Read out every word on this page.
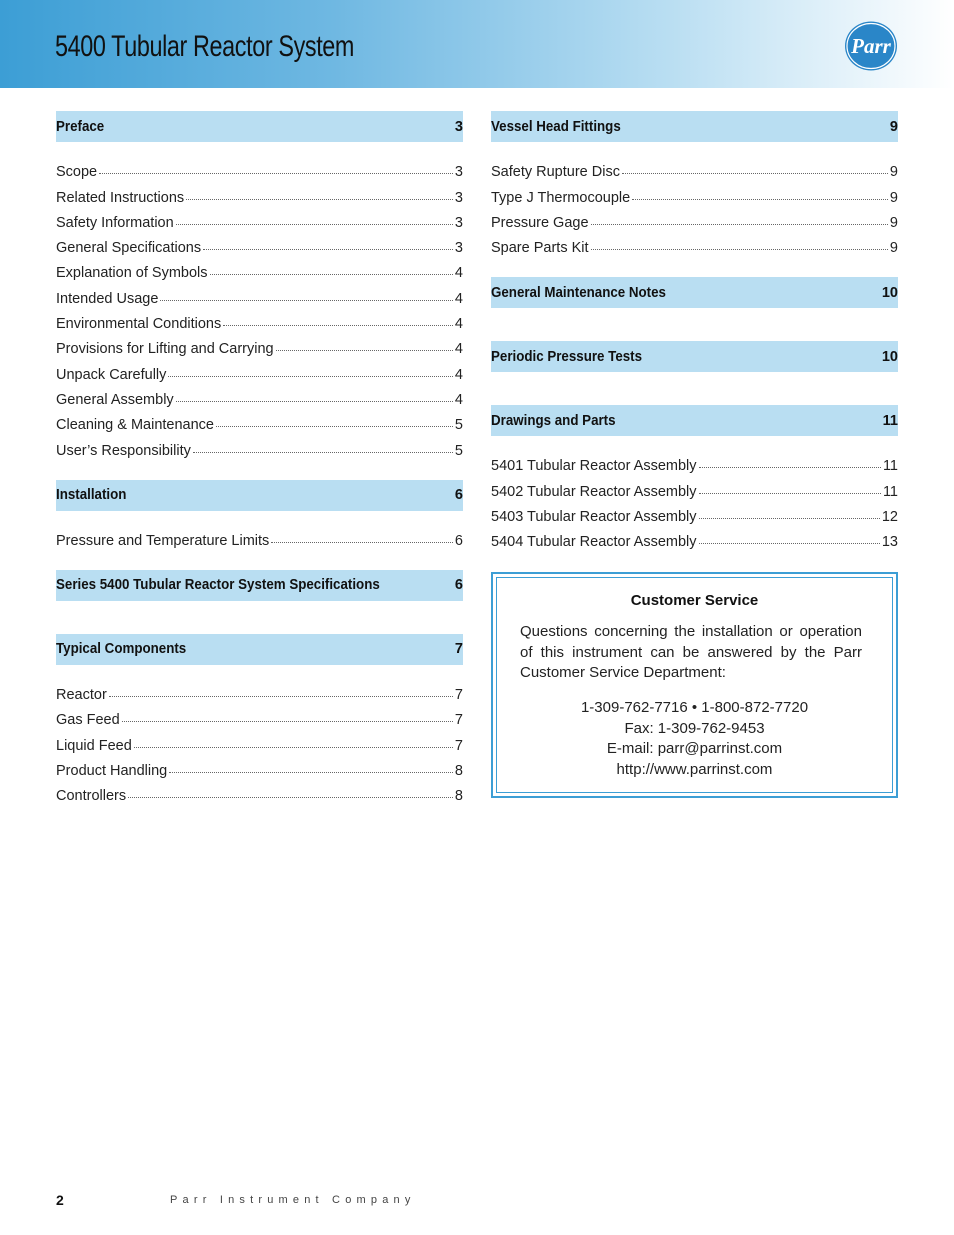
5400 Tubular Reactor System	Parr
Preface	3
Scope	3
Related Instructions	3
Safety Information	3
General Specifications	3
Explanation of Symbols	4
Intended Usage	4
Environmental Conditions	4
Provisions for Lifting and Carrying	4
Unpack Carefully	4
General Assembly	4
Cleaning & Maintenance	5
User’s Responsibility	5
Installation	6
Pressure and Temperature Limits	6
Series 5400 Tubular Reactor System Specifications	6
Typical Components	7
Reactor	7
Gas Feed	7
Liquid Feed	7
Product Handling	8
Controllers	8
Vessel Head Fittings	9
Safety Rupture Disc	9
Type J Thermocouple	9
Pressure Gage	9
Spare Parts Kit	9
General Maintenance Notes	10
Periodic Pressure Tests	10
Drawings and Parts	11
5401 Tubular Reactor Assembly	11
5402 Tubular Reactor Assembly	11
5403 Tubular Reactor Assembly	12
5404 Tubular Reactor Assembly	13
Customer Service
Questions concerning the installation or operation of this instrument can be answered by the Parr Customer Service Department:
1-309-762-7716 • 1-800-872-7720
Fax: 1-309-762-9453
E-mail: parr@parrinst.com
http://www.parrinst.com
2	Parr Instrument Company
